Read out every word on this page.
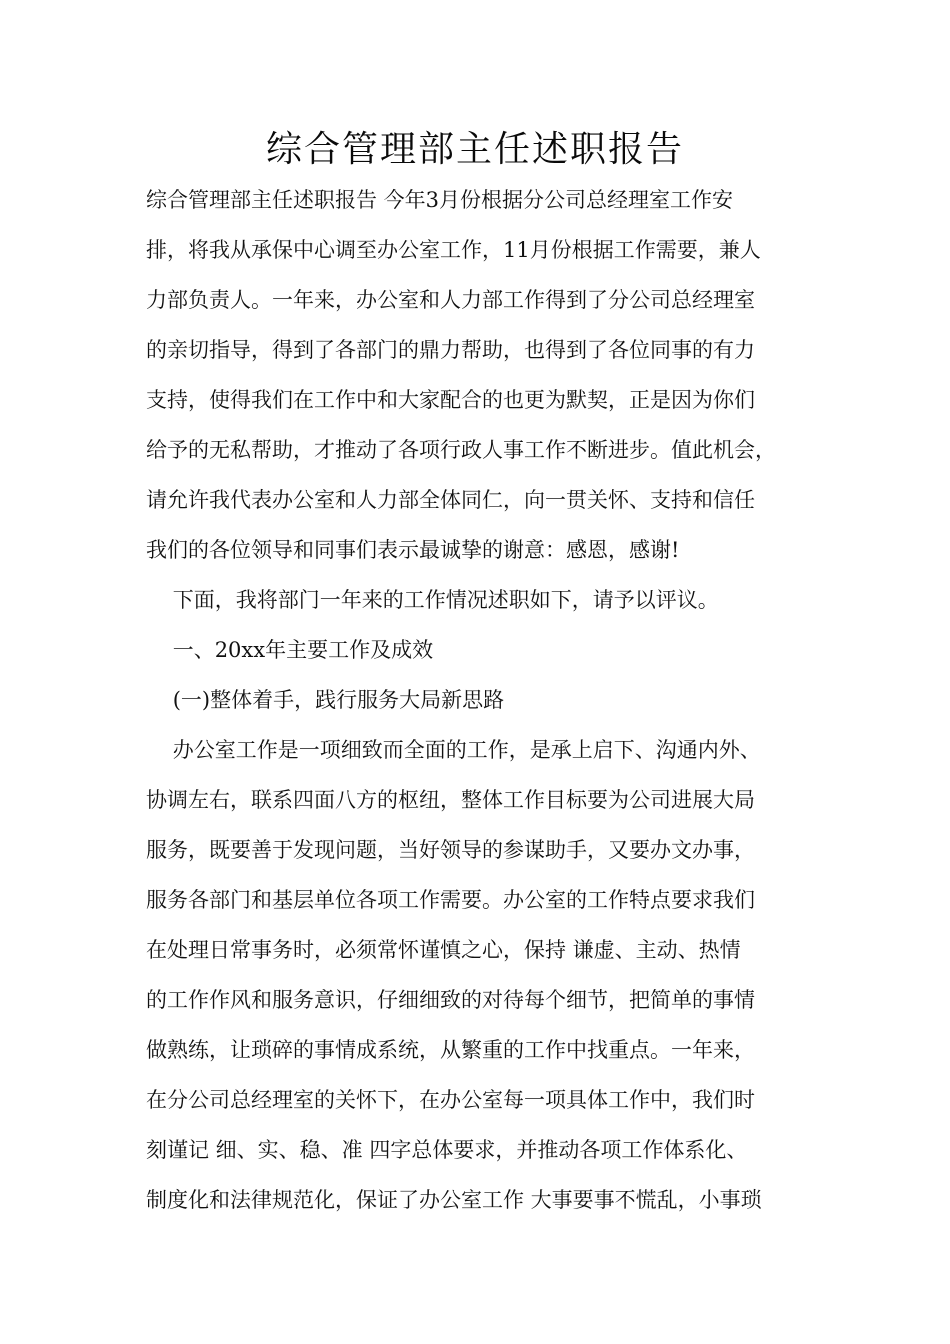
综合管理部主任述职报告
综合管理部主任述职报告 今年3月份根据分公司总经理室工作安
排，将我从承保中心调至办公室工作，11月份根据工作需要，兼人
力部负责人。一年来，办公室和人力部工作得到了分公司总经理室
的亲切指导，得到了各部门的鼎力帮助，也得到了各位同事的有力
支持，使得我们在工作中和大家配合的也更为默契，正是因为你们
给予的无私帮助，才推动了各项行政人事工作不断进步。值此机会，
请允许我代表办公室和人力部全体同仁，向一贯关怀、支持和信任
我们的各位领导和同事们表示最诚挚的谢意：感恩，感谢!
下面，我将部门一年来的工作情况述职如下，请予以评议。
一、20xx年主要工作及成效
(一)整体着手，践行服务大局新思路
办公室工作是一项细致而全面的工作，是承上启下、沟通内外、
协调左右，联系四面八方的枢纽，整体工作目标要为公司进展大局
服务，既要善于发现问题，当好领导的参谋助手，又要办文办事，
服务各部门和基层单位各项工作需要。办公室的工作特点要求我们
在处理日常事务时，必须常怀谨慎之心，保持 谦虚、主动、热情
的工作作风和服务意识，仔细细致的对待每个细节，把简单的事情
做熟练，让琐碎的事情成系统，从繁重的工作中找重点。一年来，
在分公司总经理室的关怀下，在办公室每一项具体工作中，我们时
刻谨记 细、实、稳、准 四字总体要求，并推动各项工作体系化、
制度化和法律规范化，保证了办公室工作 大事要事不慌乱，小事琐
